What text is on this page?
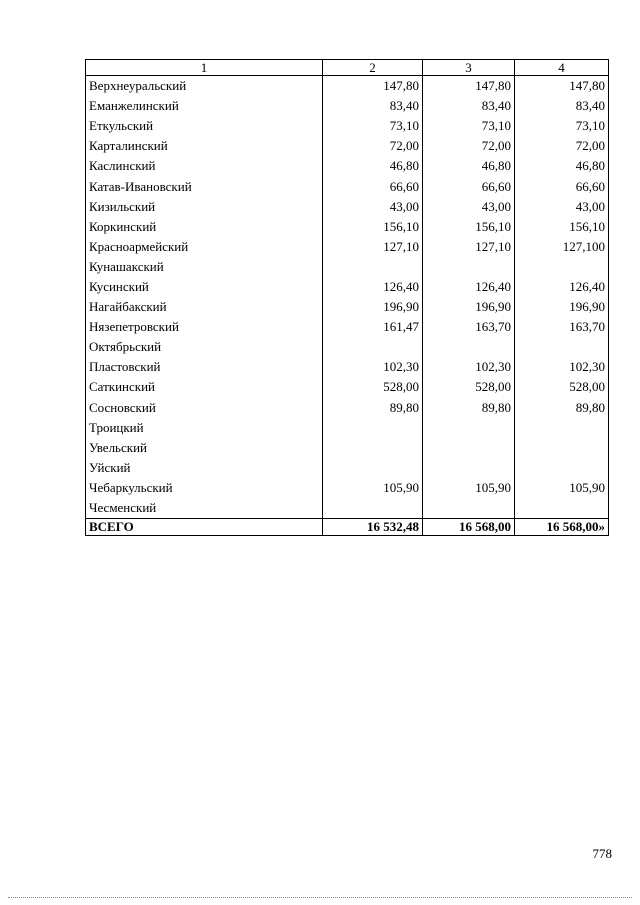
1	2	3	4
Верхнеуральский	147,80	147,80	147,80
Еманжелинский	83,40	83,40	83,40
Еткульский	73,10	73,10	73,10
Карталинский	72,00	72,00	72,00
Каслинский	46,80	46,80	46,80
Катав-Ивановский	66,60	66,60	66,60
Кизильский	43,00	43,00	43,00
Коркинский	156,10	156,10	156,10
Красноармейский	127,10	127,10	127,100
Кунашакский			
Кусинский	126,40	126,40	126,40
Нагайбакский	196,90	196,90	196,90
Нязепетровский	161,47	163,70	163,70
Октябрьский			
Пластовский	102,30	102,30	102,30
Саткинский	528,00	528,00	528,00
Сосновский	89,80	89,80	89,80
Троицкий			
Увельский			
Уйский			
Чебаркульский	105,90	105,90	105,90
Чесменский			
ВСЕГО	16 532,48	16 568,00	16 568,00»
778
